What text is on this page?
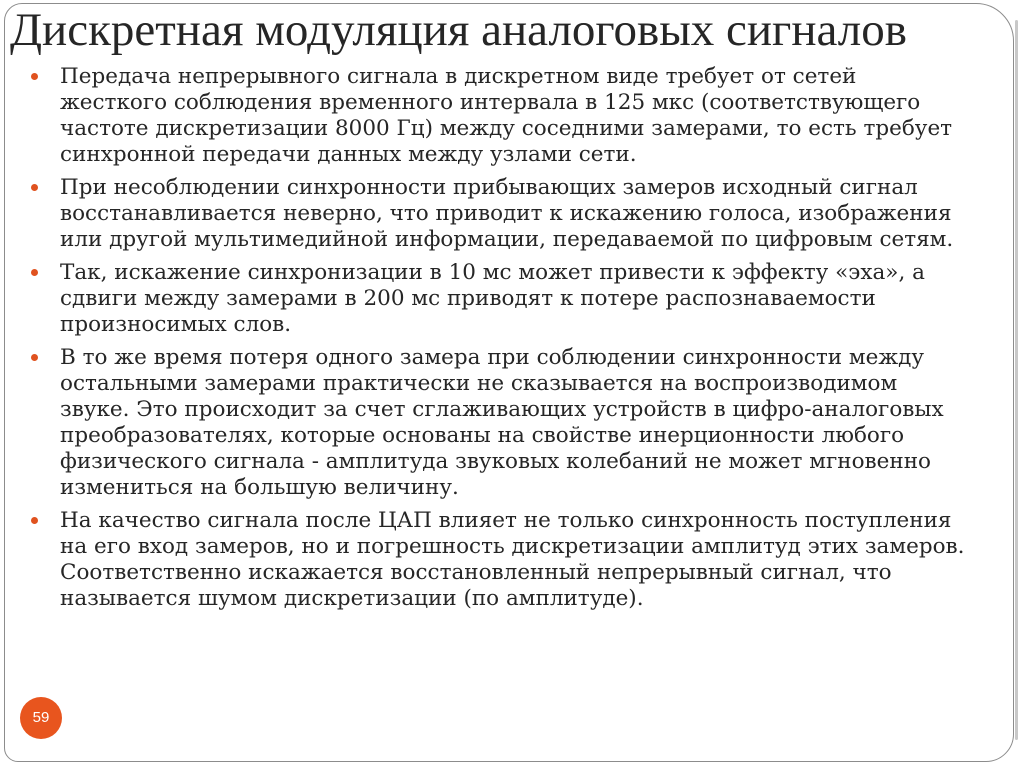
Дискретная модуляция аналоговых сигналов
Передача непрерывного сигнала в дискретном виде требует от сетей жесткого соблюдения временного интервала в 125 мкс (соответствующего частоте дискретизации 8000 Гц) между соседними замерами, то есть требует синхронной передачи данных между узлами сети.
При несоблюдении синхронности прибывающих замеров исходный сигнал восстанавливается неверно, что приводит к искажению голоса, изображения или другой мультимедийной информации, передаваемой по цифровым сетям.
Так, искажение синхронизации в 10 мс может привести к эффекту «эха», а сдвиги между замерами в 200 мс приводят к потере распознаваемости произносимых слов.
В то же время потеря одного замера при соблюдении синхронности между остальными замерами практически не сказывается на воспроизводимом звуке. Это происходит за счет сглаживающих устройств в цифро-аналоговых преобразователях, которые основаны на свойстве инерционности любого физического сигнала - амплитуда звуковых колебаний не может мгновенно измениться на большую величину.
На качество сигнала после ЦАП влияет не только синхронность поступления на его вход замеров, но и погрешность дискретизации амплитуд этих замеров. Соответственно искажается восстановленный непрерывный сигнал, что называется шумом дискретизации (по амплитуде).
59
